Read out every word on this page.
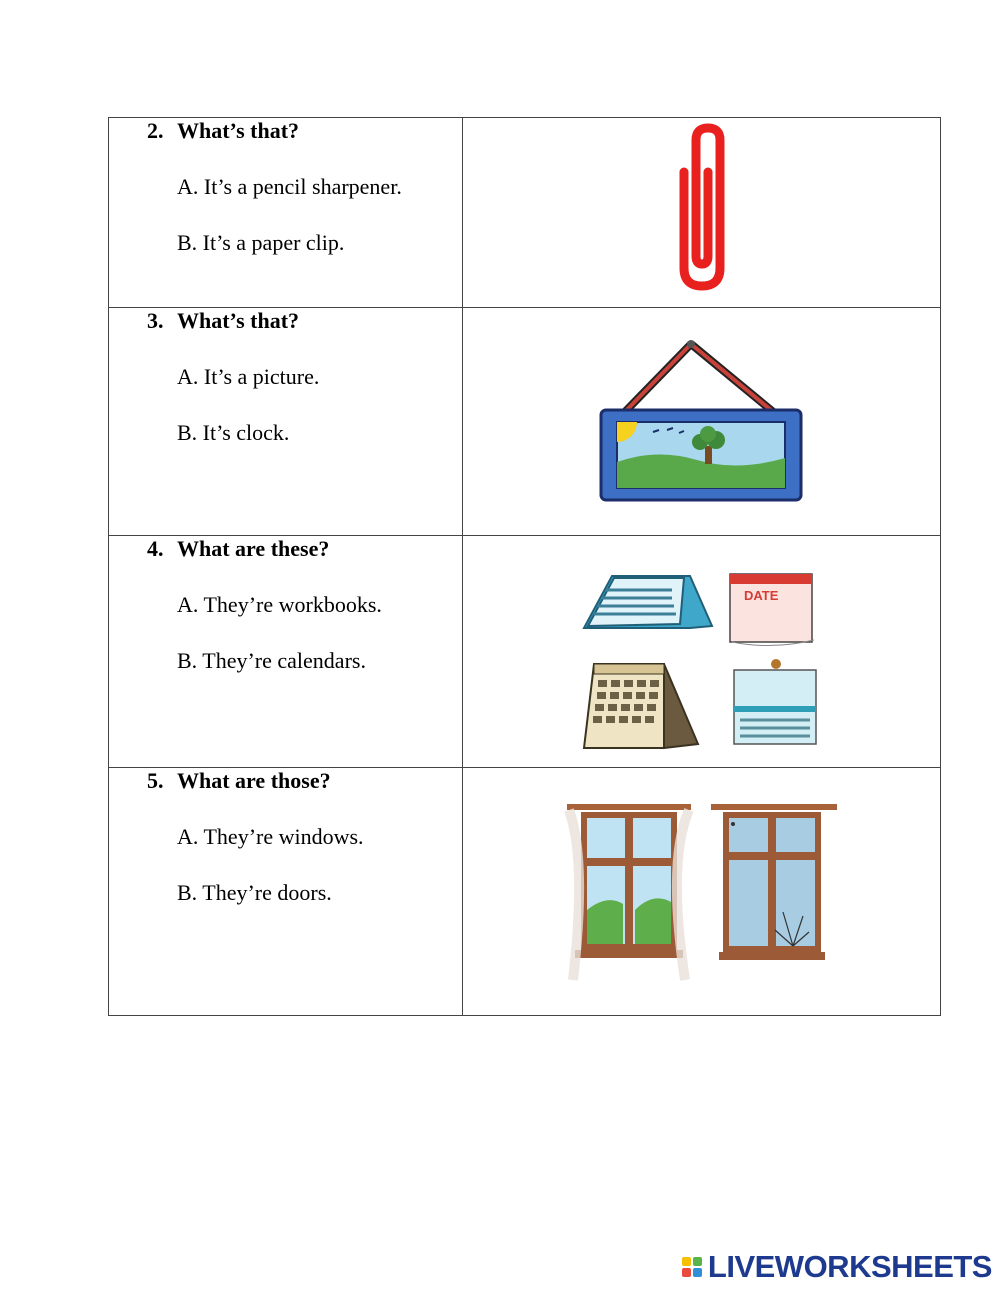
2. What’s that?

A. It’s a pencil sharpener.

B. It’s a paper clip.

3. What’s that?

A. It’s a picture.

B. It’s clock.

4. What are these?

A. They’re workbooks.

B. They’re calendars.	DATE

5. What are those?

A. They’re windows.

B. They’re doors.

LIVEWORKSHEETS
